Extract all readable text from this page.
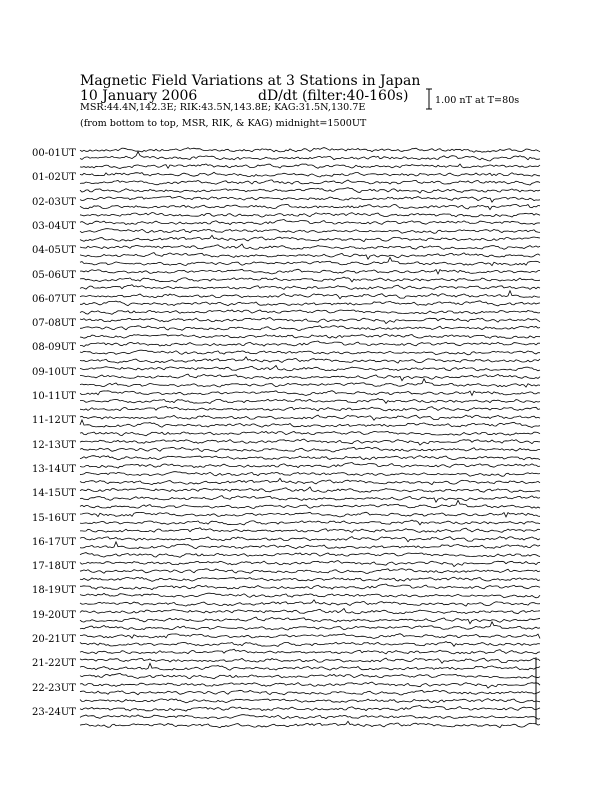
Magnetic Field Variations at 3 Stations in Japan
10 January 2006	dD/dt (filter:40-160s)
MSR:44.4N,142.3E; RIK:43.5N,143.8E; KAG:31.5N,130.7E
(from bottom to top, MSR, RIK, & KAG) midnight=1500UT
1.00 nT at T=80s
00-01UT
01-02UT
02-03UT
03-04UT
04-05UT
05-06UT
06-07UT
07-08UT
08-09UT
09-10UT
10-11UT
11-12UT
12-13UT
13-14UT
14-15UT
15-16UT
16-17UT
17-18UT
18-19UT
19-20UT
20-21UT
21-22UT
22-23UT
23-24UT
